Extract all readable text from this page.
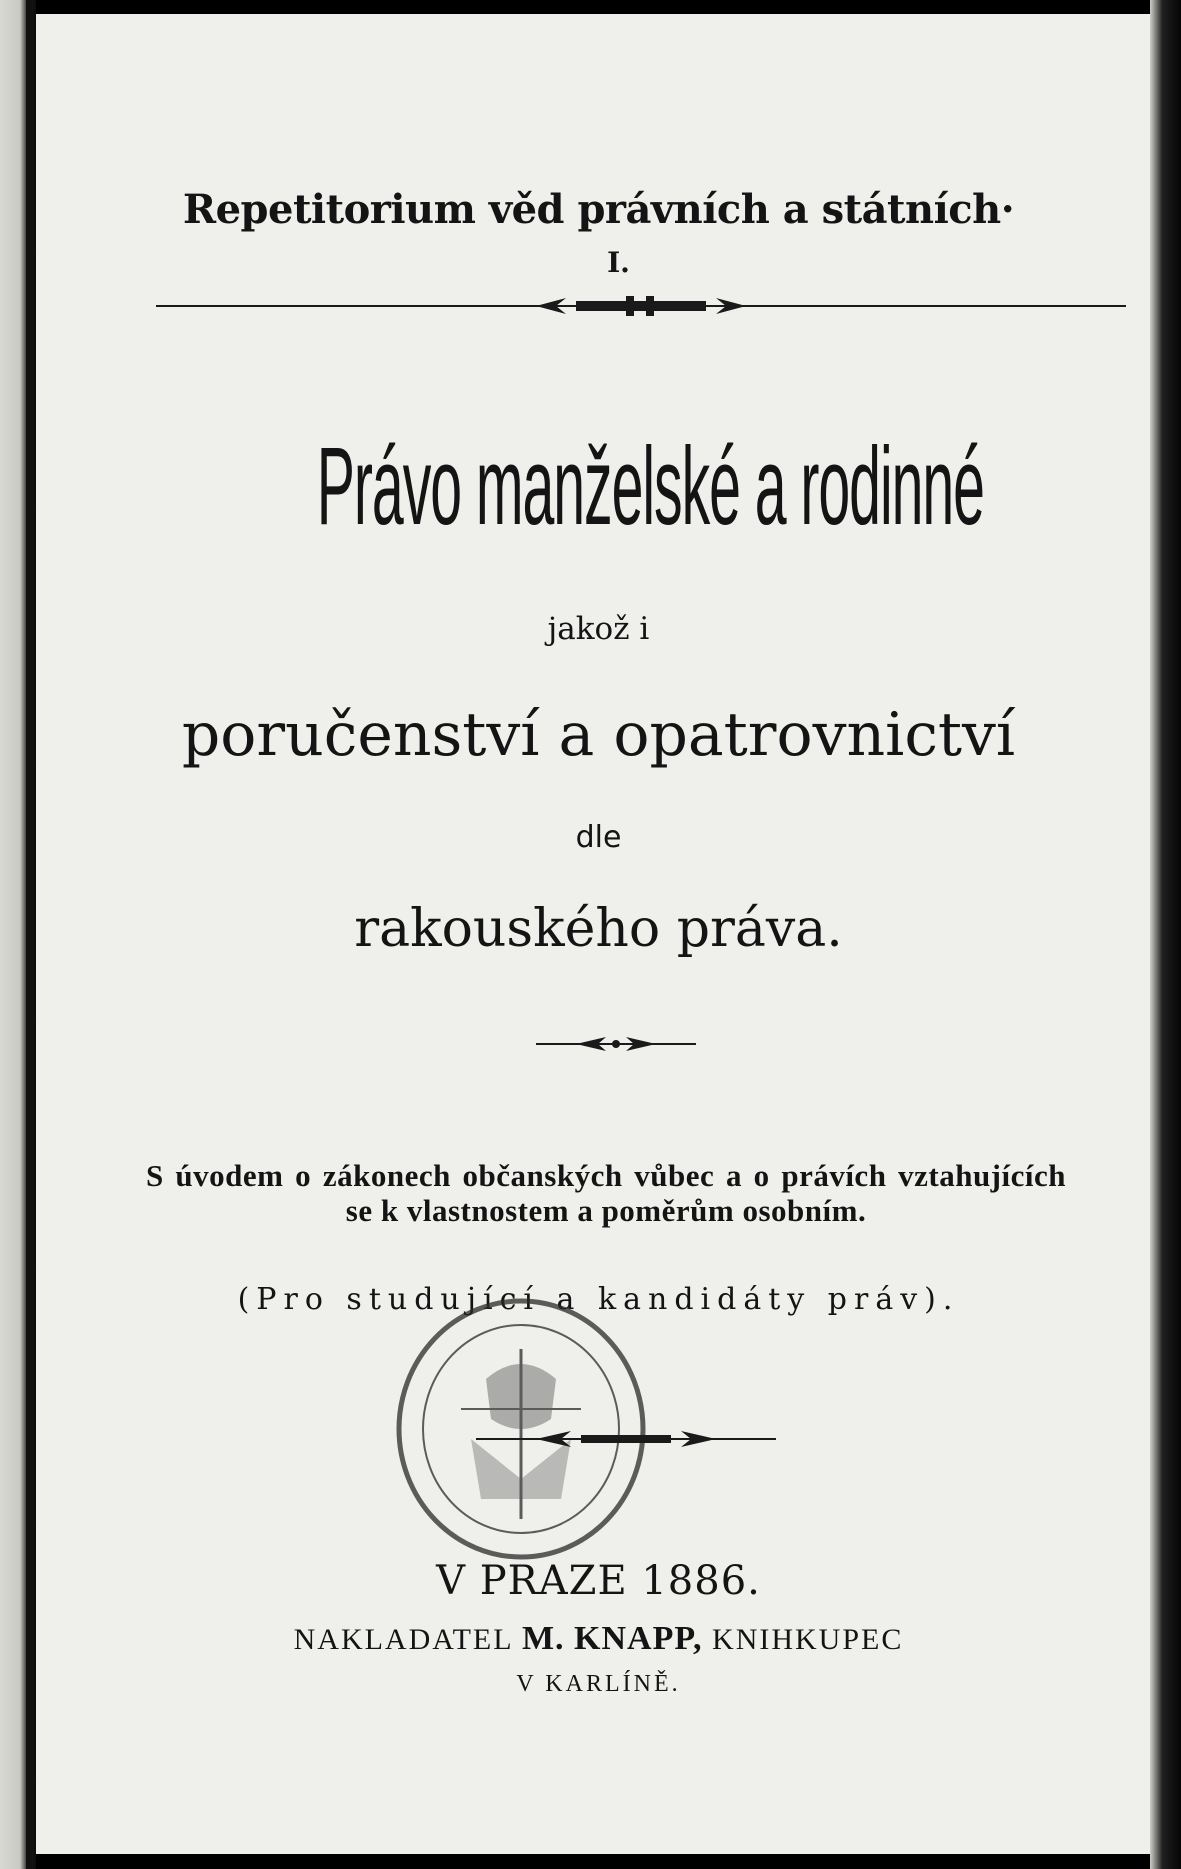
Repetitorium věd právních a státních·
I.
Právo manželské a rodinné
jakož i
poručenství a opatrovnictví
dle
rakouského práva.
S úvodem o zákonech občanských vůbec a o právích vztahujících se k vlastnostem a poměrům osobním.
(Pro studující a kandidáty práv).
V PRAZE 1886.
NAKLADATEL M. KNAPP, KNIHKUPEC
V KARLÍNĚ.
